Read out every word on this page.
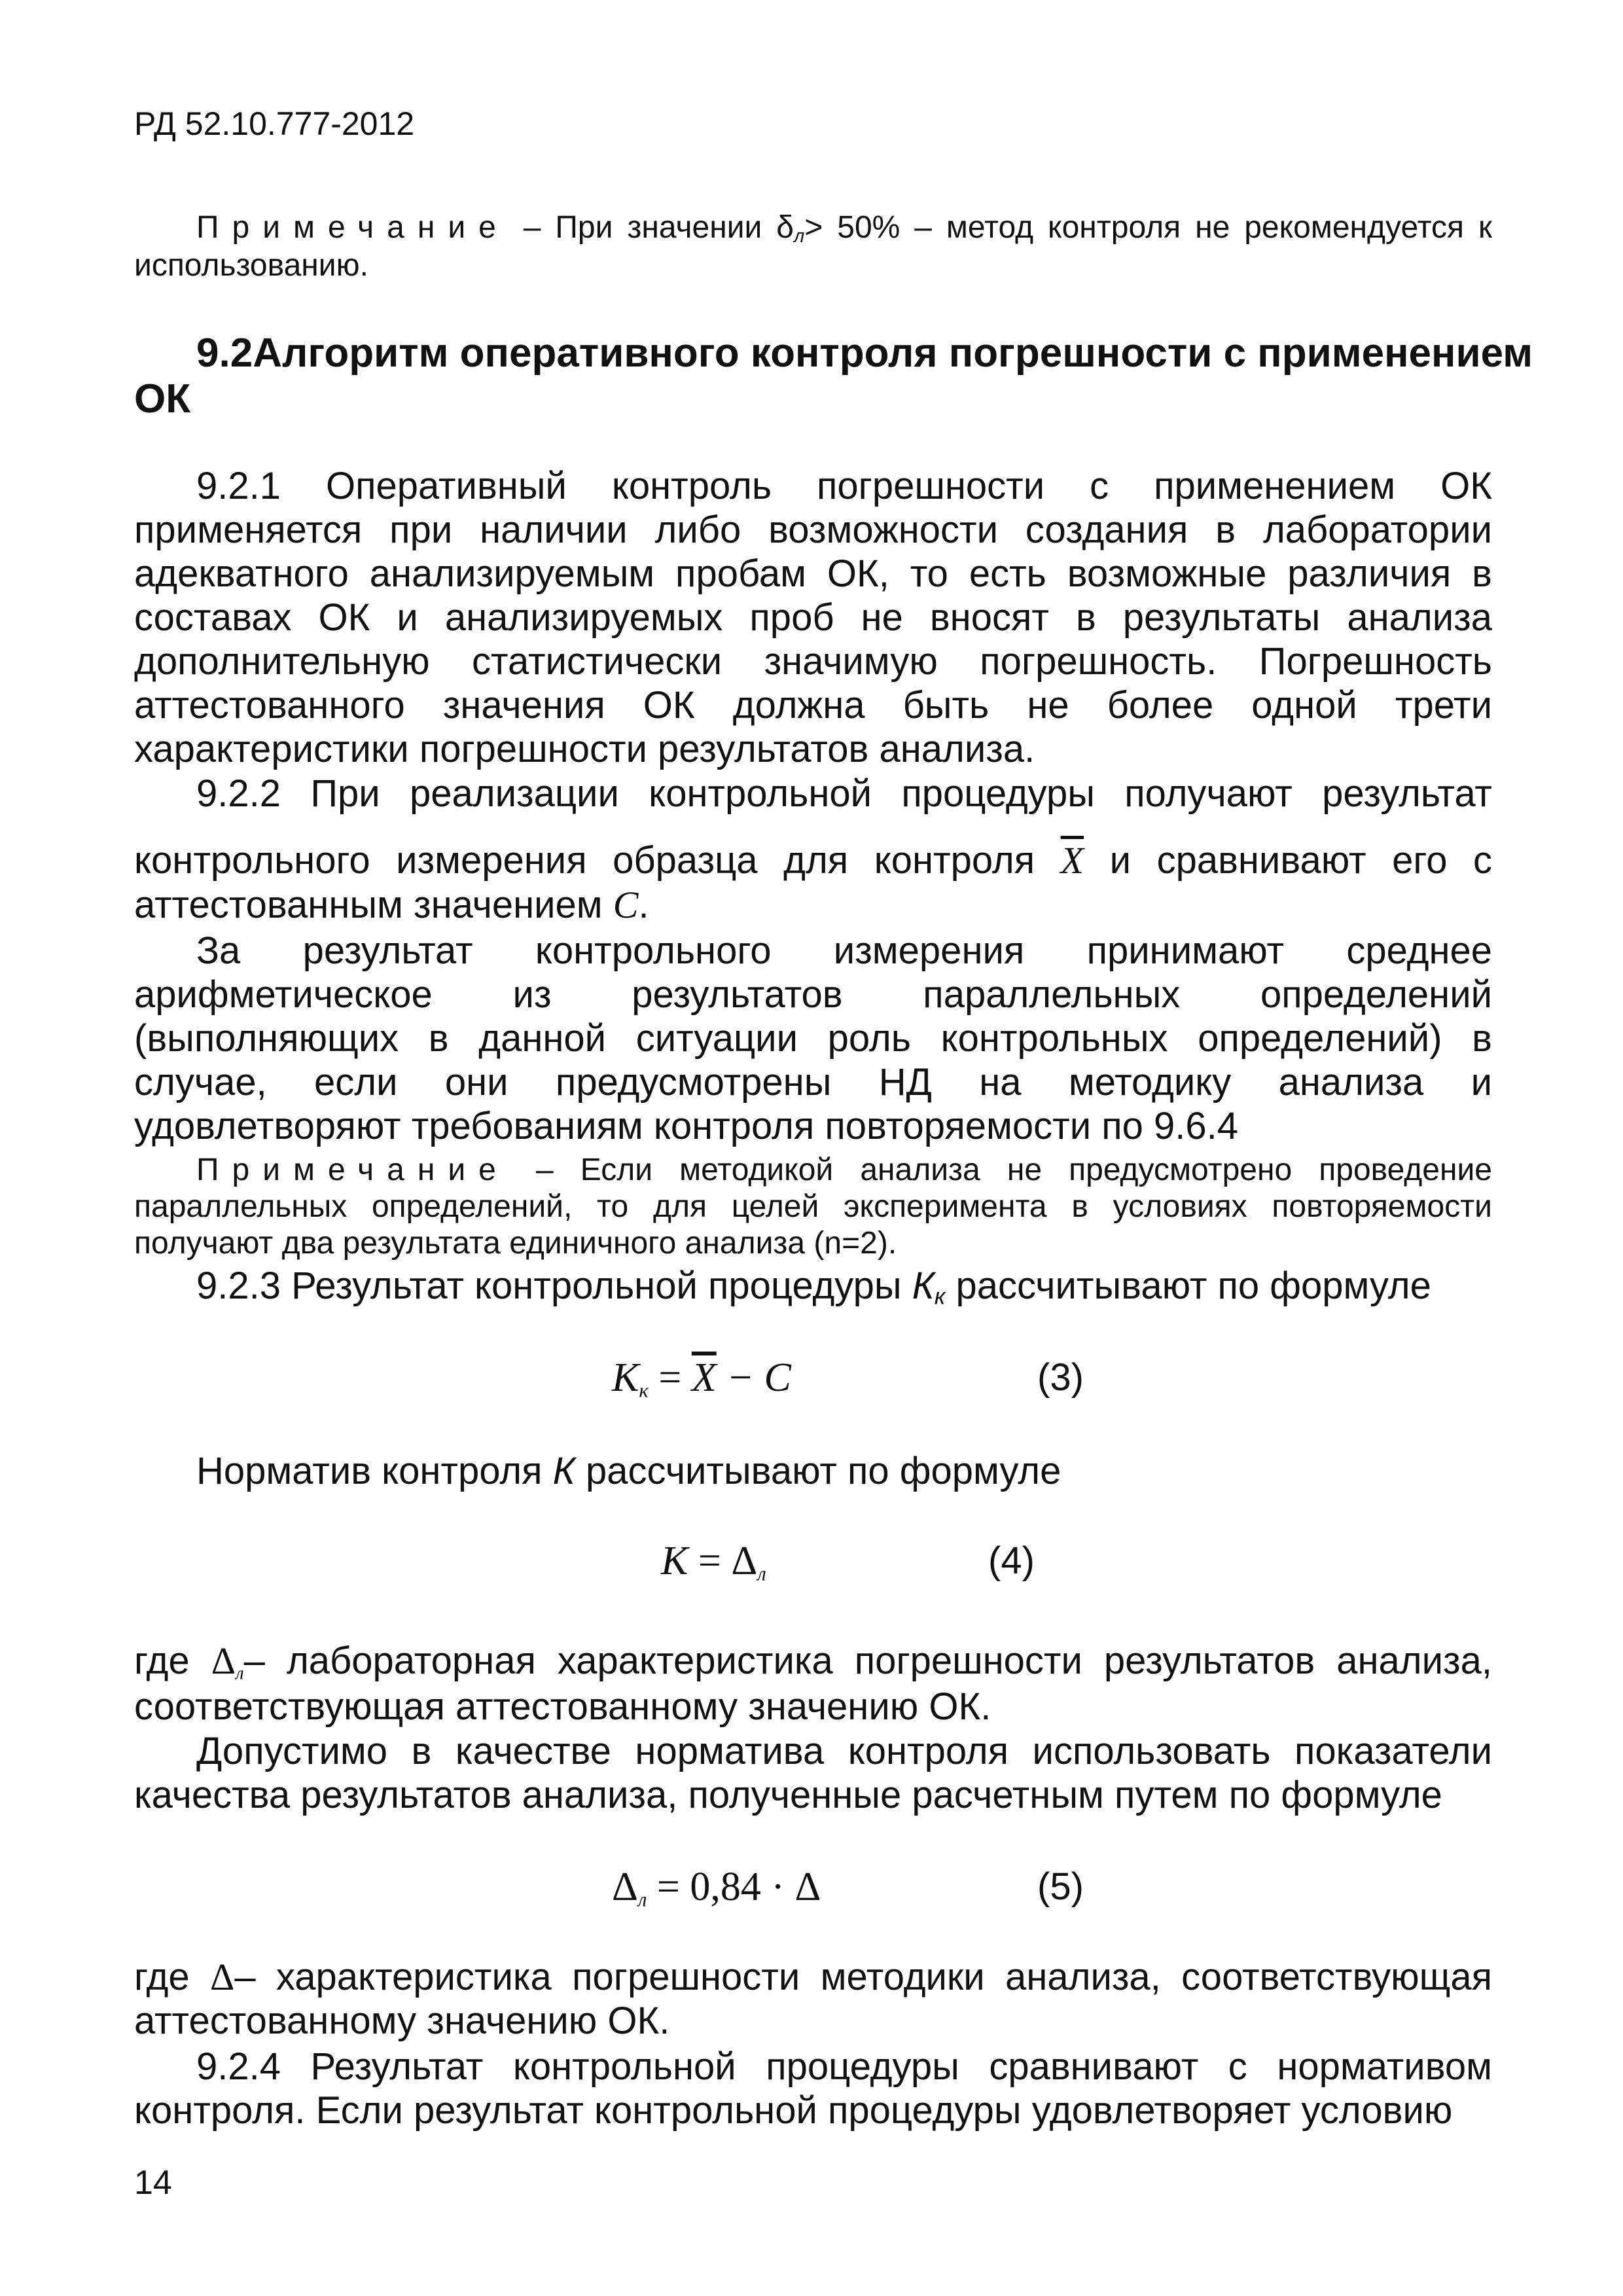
РД 52.10.777-2012
Примечание – При значении δл> 50% – метод контроля не рекомендуется к
использованию.
9.2Алгоритм оперативного контроля погрешности с применением
ОК
9.2.1 Оперативный контроль погрешности с применением ОК
применяется при наличии либо возможности создания в лаборатории
адекватного анализируемым пробам ОК, то есть возможные различия в
составах ОК и анализируемых проб не вносят в результаты анализа
дополнительную статистически значимую погрешность. Погрешность
аттестованного значения ОК должна быть не более одной трети
характеристики погрешности результатов анализа.
9.2.2 При реализации контрольной процедуры получают результат
контрольного измерения образца для контроля $\overline{X}$ и сравнивают его с
аттестованным значением C.
За результат контрольного измерения принимают среднее
арифметическое из результатов параллельных определений
(выполняющих в данной ситуации роль контрольных определений) в
случае, если они предусмотрены НД на методику анализа и
удовлетворяют требованиям контроля повторяемости по 9.6.4
Примечание – Если методикой анализа не предусмотрено проведение
параллельных определений, то для целей эксперимента в условиях повторяемости
получают два результата единичного анализа (n=2).
9.2.3 Результат контрольной процедуры Кк рассчитывают по формуле
$K_к = \overline{X} - C$	(3)
Норматив контроля К рассчитывают по формуле
$K = \Delta_л$	(4)
где $\Delta_л-$ лабораторная характеристика погрешности результатов анализа,
соответствующая аттестованному значению ОК.
Допустимо в качестве норматива контроля использовать показатели
качества результатов анализа, полученные расчетным путем по формуле
$\Delta_л = 0,84 \cdot \Delta$	(5)
где Δ– характеристика погрешности методики анализа, соответствующая
аттестованному значению ОК.
9.2.4 Результат контрольной процедуры сравнивают с нормативом
контроля. Если результат контрольной процедуры удовлетворяет условию
14
